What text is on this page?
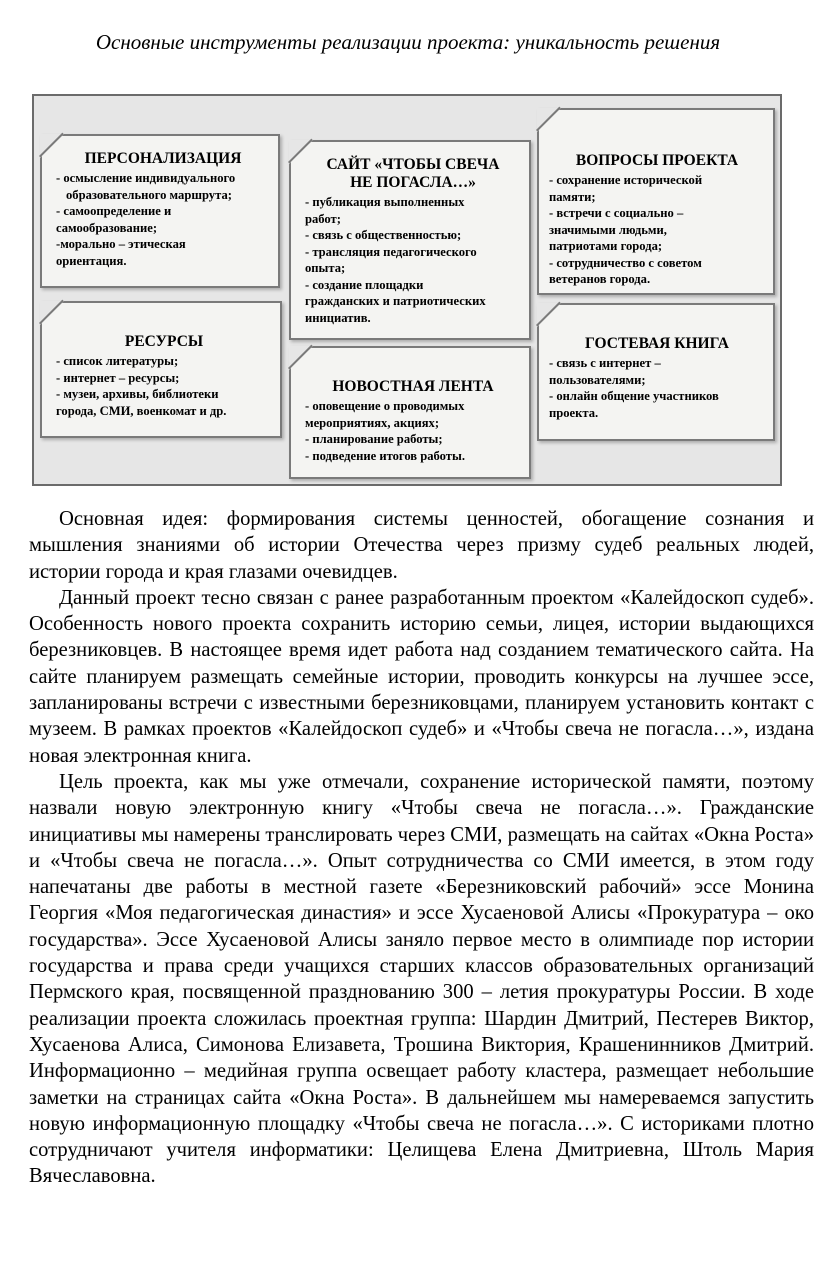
Основные инструменты реализации проекта: уникальность решения
ПЕРСОНАЛИЗАЦИЯ
- осмысление индивидуального
образовательного маршрута;
- самоопределение и
самообразование;
-морально – этическая
ориентация.
САЙТ «ЧТОБЫ СВЕЧА НЕ ПОГАСЛА…»
- публикация выполненных
работ;
- связь с общественностью;
- трансляция педагогического
опыта;
- создание площадки
гражданских и патриотических
инициатив.
ВОПРОСЫ ПРОЕКТА
- сохранение исторической
памяти;
- встречи с социально –
значимыми людьми,
патриотами города;
- сотрудничество с советом
ветеранов города.
РЕСУРСЫ
- список литературы;
- интернет – ресурсы;
- музеи, архивы, библиотеки
города, СМИ, военкомат и др.
НОВОСТНАЯ ЛЕНТА
- оповещение о проводимых
мероприятиях, акциях;
- планирование работы;
- подведение итогов работы.
ГОСТЕВАЯ КНИГА
- связь с интернет –
пользователями;
- онлайн общение участников
проекта.

Основная идея: формирования системы ценностей, обогащение сознания и мышления знаниями об истории Отечества через призму судеб реальных людей, истории города и края глазами очевидцев.

Данный проект тесно связан с ранее разработанным проектом «Калейдоскоп судеб». Особенность нового проекта сохранить историю семьи, лицея, истории выдающихся березниковцев. В настоящее время идет работа над созданием тематического сайта. На сайте планируем размещать семейные истории, проводить конкурсы на лучшее эссе, запланированы встречи с известными березниковцами, планируем установить контакт с музеем. В рамках проектов «Калейдоскоп судеб» и «Чтобы свеча не погасла…», издана новая электронная книга.

Цель проекта, как мы уже отмечали, сохранение исторической памяти, поэтому назвали новую электронную книгу «Чтобы свеча не погасла…». Гражданские инициативы мы намерены транслировать через СМИ, размещать на сайтах «Окна Роста» и «Чтобы свеча не погасла…». Опыт сотрудничества со СМИ имеется, в этом году напечатаны две работы в местной газете «Березниковский рабочий» эссе Монина Георгия «Моя педагогическая династия» и эссе Хусаеновой Алисы «Прокуратура – око государства». Эссе Хусаеновой Алисы заняло первое место в олимпиаде пор истории государства и права среди учащихся старших классов образовательных организаций Пермского края, посвященной празднованию 300 – летия прокуратуры России. В ходе реализации проекта сложилась проектная группа: Шардин Дмитрий, Пестерев Виктор, Хусаенова Алиса, Симонова Елизавета, Трошина Виктория, Крашенинников Дмитрий. Информационно – медийная группа освещает работу кластера, размещает небольшие заметки на страницах сайта «Окна Роста». В дальнейшем мы намереваемся запустить новую информационную площадку «Чтобы свеча не погасла…». С историками плотно сотрудничают учителя информатики: Целищева Елена Дмитриевна, Штоль Мария Вячеславовна.
